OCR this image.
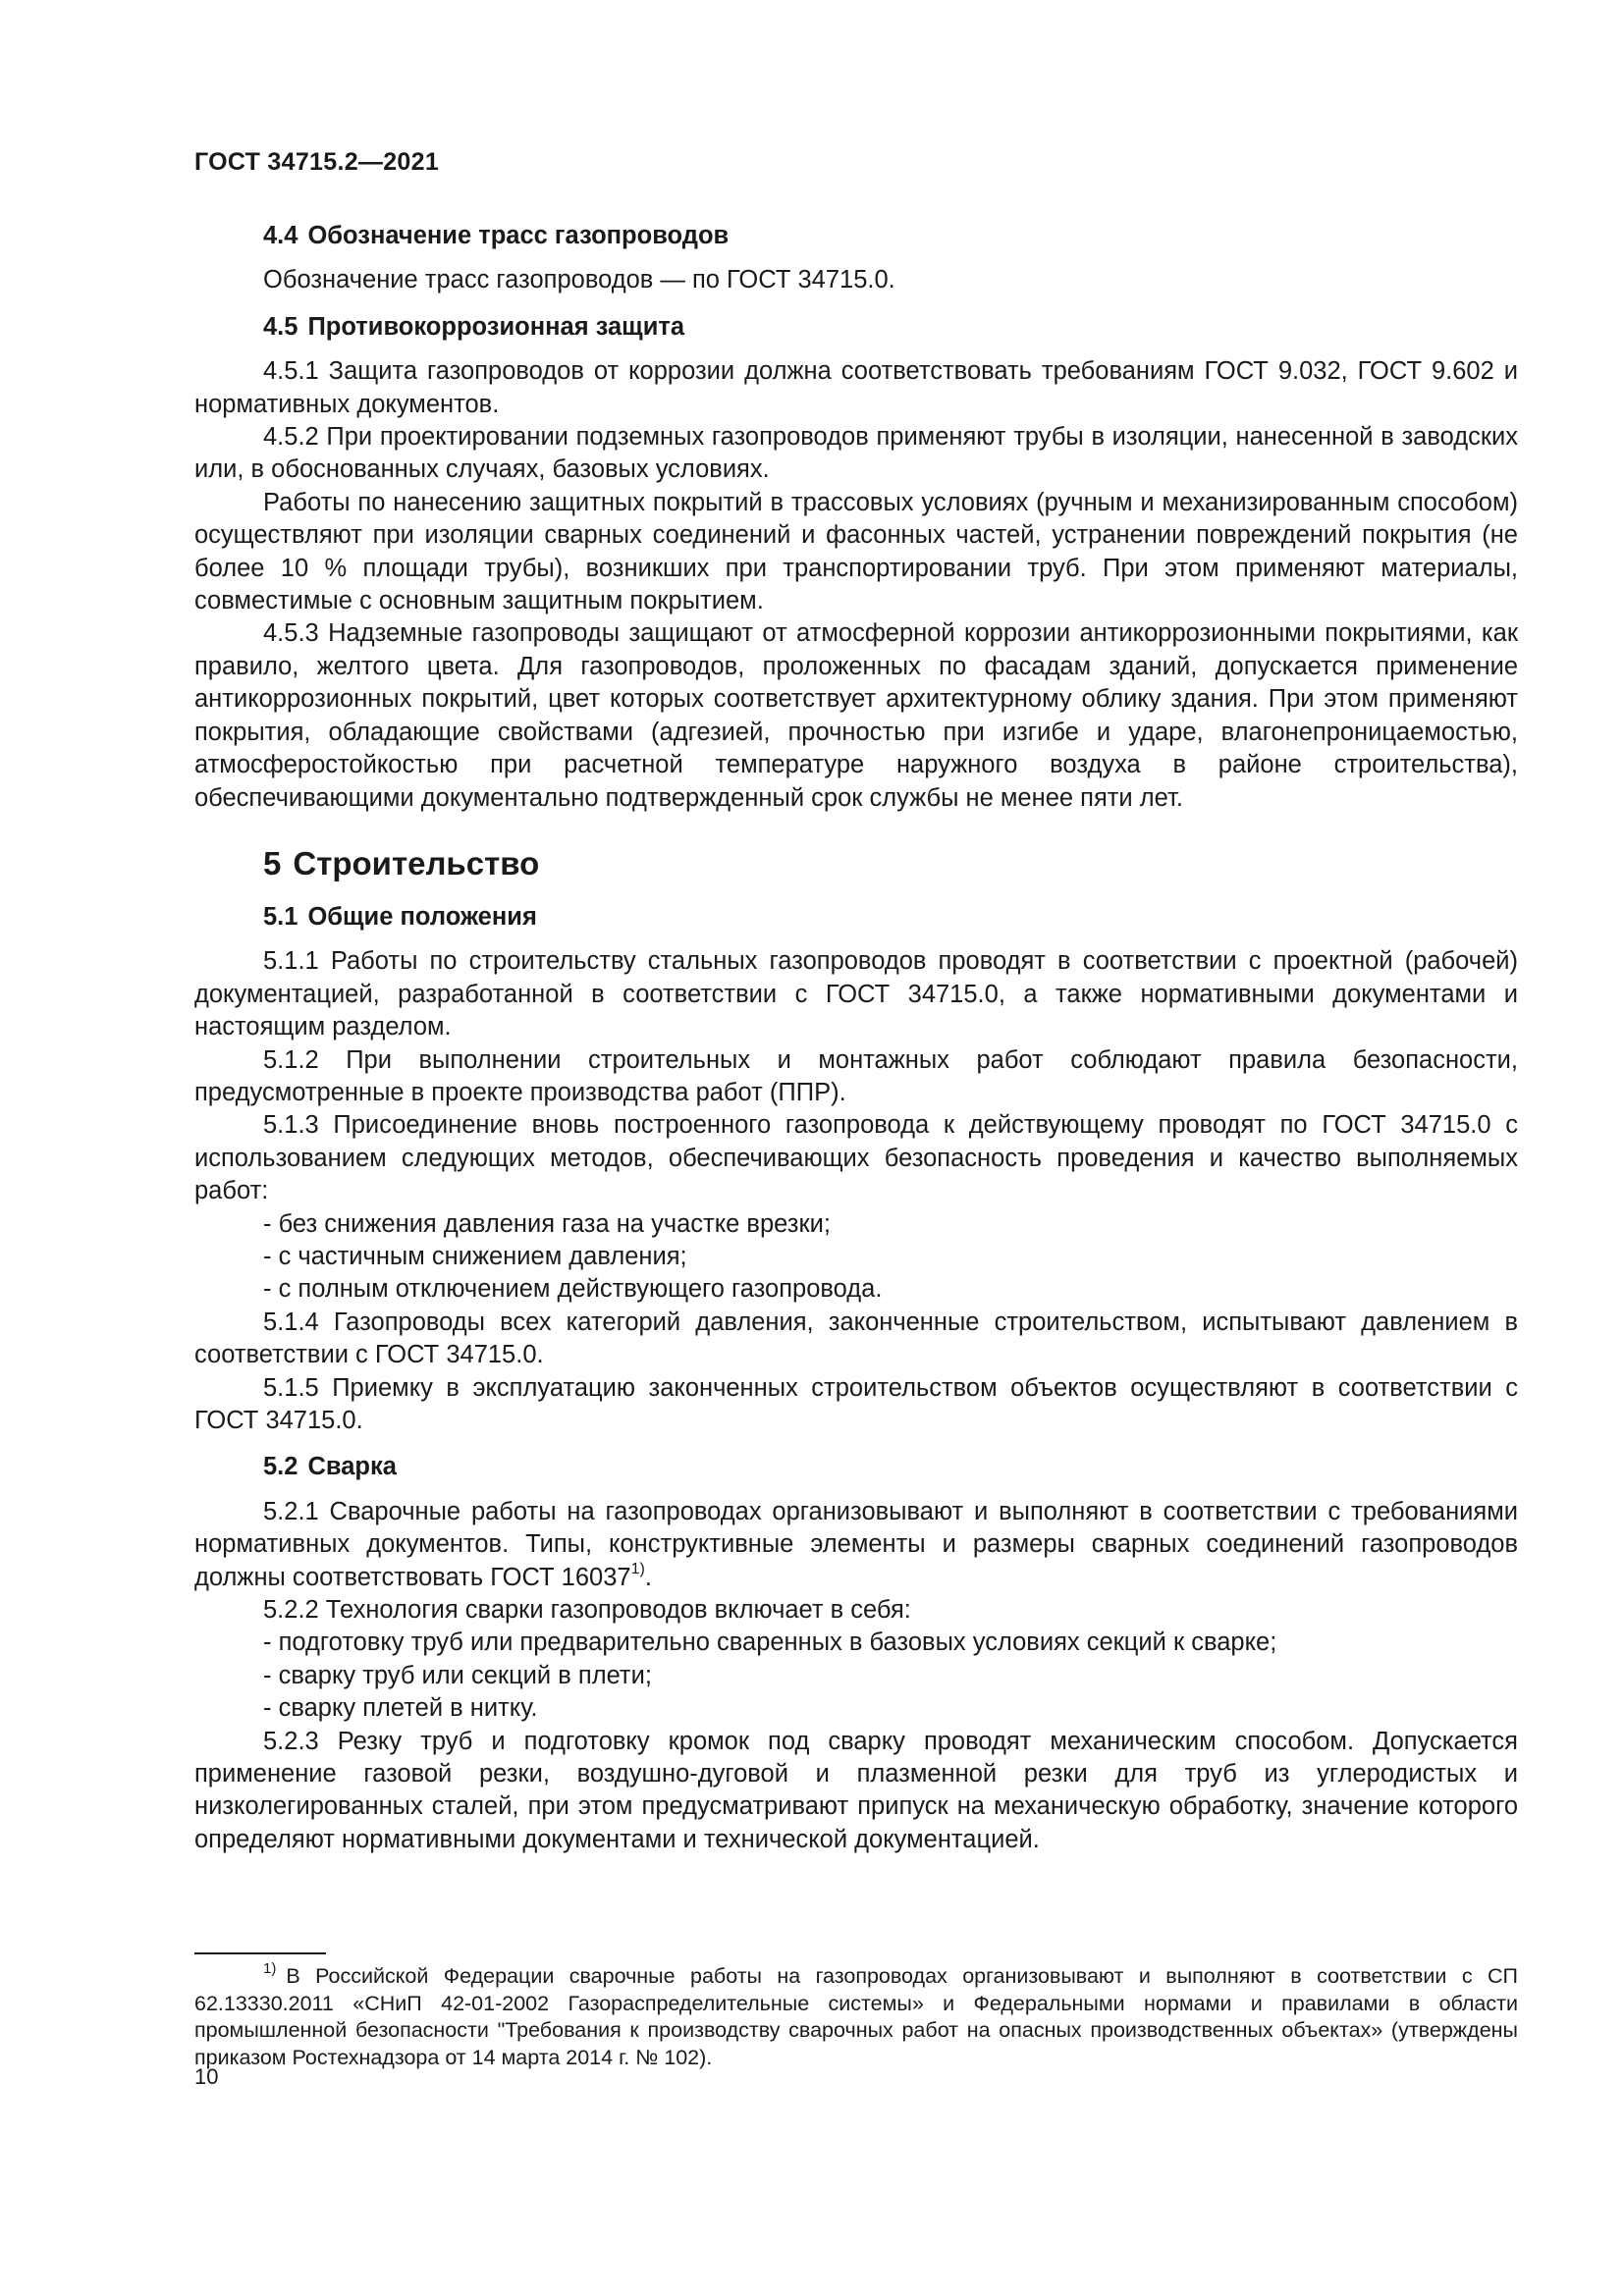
ГОСТ 34715.2—2021
4.4 Обозначение трасс газопроводов

Обозначение трасс газопроводов — по ГОСТ 34715.0.

4.5 Противокоррозионная защита

4.5.1 Защита газопроводов от коррозии должна соответствовать требованиям ГОСТ 9.032, ГОСТ 9.602 и нормативных документов.

4.5.2 При проектировании подземных газопроводов применяют трубы в изоляции, нанесенной в заводских или, в обоснованных случаях, базовых условиях.

Работы по нанесению защитных покрытий в трассовых условиях (ручным и механизированным способом) осуществляют при изоляции сварных соединений и фасонных частей, устранении повреждений покрытия (не более 10 % площади трубы), возникших при транспортировании труб. При этом применяют материалы, совместимые с основным защитным покрытием.

4.5.3 Надземные газопроводы защищают от атмосферной коррозии антикоррозионными покрытиями, как правило, желтого цвета. Для газопроводов, проложенных по фасадам зданий, допускается применение антикоррозионных покрытий, цвет которых соответствует архитектурному облику здания. При этом применяют покрытия, обладающие свойствами (адгезией, прочностью при изгибе и ударе, влагонепроницаемостью, атмосферостойкостью при расчетной температуре наружного воздуха в районе строительства), обеспечивающими документально подтвержденный срок службы не менее пяти лет.

5 Строительство
5.1 Общие положения

5.1.1 Работы по строительству стальных газопроводов проводят в соответствии с проектной (рабочей) документацией, разработанной в соответствии с ГОСТ 34715.0, а также нормативными документами и настоящим разделом.

5.1.2 При выполнении строительных и монтажных работ соблюдают правила безопасности, предусмотренные в проекте производства работ (ППР).

5.1.3 Присоединение вновь построенного газопровода к действующему проводят по ГОСТ 34715.0 с использованием следующих методов, обеспечивающих безопасность проведения и качество выполняемых работ:

- без снижения давления газа на участке врезки;

- с частичным снижением давления;

- с полным отключением действующего газопровода.

5.1.4 Газопроводы всех категорий давления, законченные строительством, испытывают давлением в соответствии с ГОСТ 34715.0.

5.1.5 Приемку в эксплуатацию законченных строительством объектов осуществляют в соответствии с ГОСТ 34715.0.

5.2 Сварка

5.2.1 Сварочные работы на газопроводах организовывают и выполняют в соответствии с требованиями нормативных документов. Типы, конструктивные элементы и размеры сварных соединений газопроводов должны соответствовать ГОСТ 16037$^{1)}$.

5.2.2 Технология сварки газопроводов включает в себя:

- подготовку труб или предварительно сваренных в базовых условиях секций к сварке;

- сварку труб или секций в плети;

- сварку плетей в нитку.

5.2.3 Резку труб и подготовку кромок под сварку проводят механическим способом. Допускается применение газовой резки, воздушно-дуговой и плазменной резки для труб из углеродистых и низколегированных сталей, при этом предусматривают припуск на механическую обработку, значение которого определяют нормативными документами и технической документацией.

$^{1)}$ В Российской Федерации сварочные работы на газопроводах организовывают и выполняют в соответствии с СП 62.13330.2011 «СНиП 42-01-2002 Газораспределительные системы» и Федеральными нормами и правилами в области промышленной безопасности "Требования к производству сварочных работ на опасных производственных объектах» (утверждены приказом Ростехнадзора от 14 марта 2014 г. № 102).
10
